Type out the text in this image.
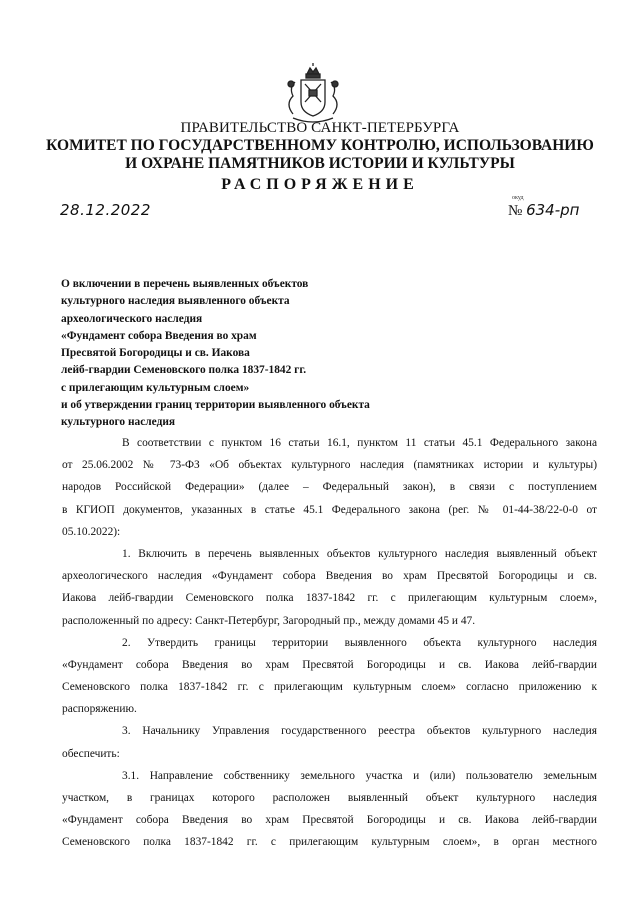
ПРАВИТЕЛЬСТВО САНКТ-ПЕТЕРБУРГА
КОМИТЕТ ПО ГОСУДАРСТВЕННОМУ КОНТРОЛЮ, ИСПОЛЬЗОВАНИЮ
И ОХРАНЕ ПАМЯТНИКОВ ИСТОРИИ И КУЛЬТУРЫ
РАСПОРЯЖЕНИЕ
28.12.2022
окуд
№ 634-рп
О включении в перечень выявленных объектов
культурного наследия выявленного объекта
археологического наследия
«Фундамент собора Введения во храм
Пресвятой Богородицы и св. Иакова
лейб-гвардии Семеновского полка 1837-1842 гг.
с прилегающим культурным слоем»
и об утверждении границ территории выявленного объекта
культурного наследия
В соответствии с пунктом 16 статьи 16.1, пунктом 11 статьи 45.1 Федерального закона
от 25.06.2002 № 73-ФЗ «Об объектах культурного наследия (памятниках истории и культуры)
народов Российской Федерации» (далее – Федеральный закон), в связи с поступлением
в КГИОП документов, указанных в статье 45.1 Федерального закона (рег. № 01-44-38/22-0-0 от
05.10.2022):
1. Включить в перечень выявленных объектов культурного наследия выявленный объект
археологического наследия «Фундамент собора Введения во храм Пресвятой Богородицы и св.
Иакова лейб-гвардии Семеновского полка 1837-1842 гг. с прилегающим культурным слоем»,
расположенный по адресу: Санкт-Петербург, Загородный пр., между домами 45 и 47.
2. Утвердить границы территории выявленного объекта культурного наследия
«Фундамент собора Введения во храм Пресвятой Богородицы и св. Иакова лейб-гвардии
Семеновского полка 1837-1842 гг. с прилегающим культурным слоем» согласно приложению к
распоряжению.
3. Начальнику Управления государственного реестра объектов культурного наследия
обеспечить:
3.1. Направление собственнику земельного участка и (или) пользователю земельным
участком, в границах которого расположен выявленный объект культурного наследия
«Фундамент собора Введения во храм Пресвятой Богородицы и св. Иакова лейб-гвардии
Семеновского полка 1837-1842 гг. с прилегающим культурным слоем», в орган местного
